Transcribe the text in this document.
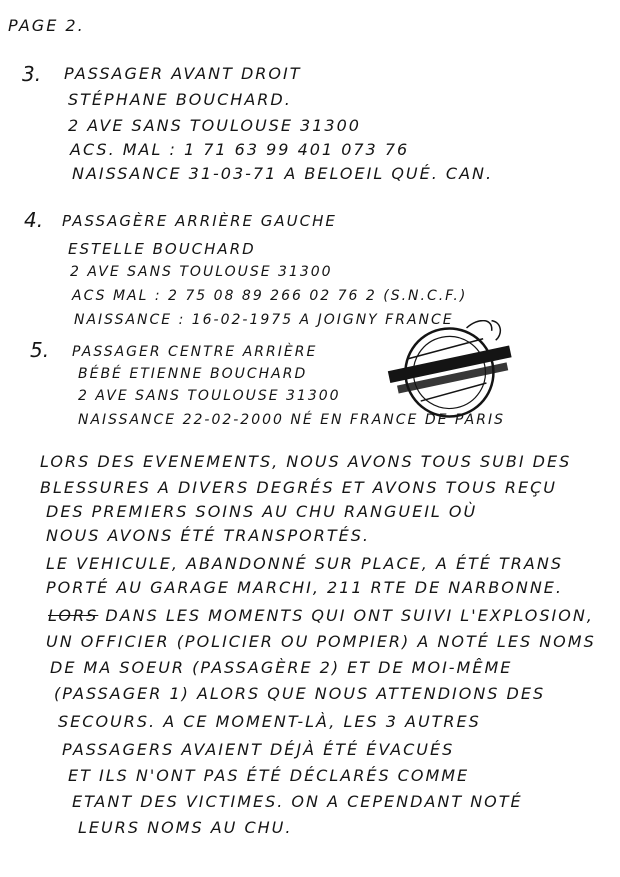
PAGE 2.
3. PASSAGER AVANT DROIT
STÉPHANE BOUCHARD.
2 AVE SANS TOULOUSE 31300
ACS. MAL : 1 71 63 99 401 073 76
NAISSANCE 31-03-71 A BELOEIL QUÉ. CAN.
4. PASSAGÈRE ARRIÈRE GAUCHE
ESTELLE BOUCHARD
2 AVE SANS TOULOUSE 31300
ACS MAL : 2 75 08 89 266 02 76 2 (S.N.C.F.)
NAISSANCE : 16-02-1975 A JOIGNY FRANCE
5. PASSAGER CENTRE ARRIÈRE
BÉBÉ ETIENNE BOUCHARD
2 AVE SANS TOULOUSE 31300
NAISSANCE 22-02-2000 NÉ EN FRANCE DE PARIS
LORS DES EVENEMENTS, NOUS AVONS TOUS SUBI DES
BLESSURES A DIVERS DEGRÉS ET AVONS TOUS REÇU
DES PREMIERS SOINS AU CHU RANGUEIL OÙ
NOUS AVONS ÉTÉ TRANSPORTÉS.
LE VEHICULE, ABANDONNÉ SUR PLACE, A ÉTÉ TRANS
PORTÉ AU GARAGE MARCHI, 211 RTE DE NARBONNE.
LORS DANS LES MOMENTS QUI ONT SUIVI L'EXPLOSION,
UN OFFICIER (POLICIER OU POMPIER) A NOTÉ LES NOMS
DE MA SOEUR (PASSAGÈRE 2) ET DE MOI-MÊME
(PASSAGER 1) ALORS QUE NOUS ATTENDIONS DES
SECOURS. A CE MOMENT-LÀ, LES 3 AUTRES
PASSAGERS AVAIENT DÉJÀ ÉTÉ ÉVACUÉS
ET ILS N'ONT PAS ÉTÉ DÉCLARÉS COMME
ETANT DES VICTIMES. ON A CEPENDANT NOTÉ
LEURS NOMS AU CHU.
